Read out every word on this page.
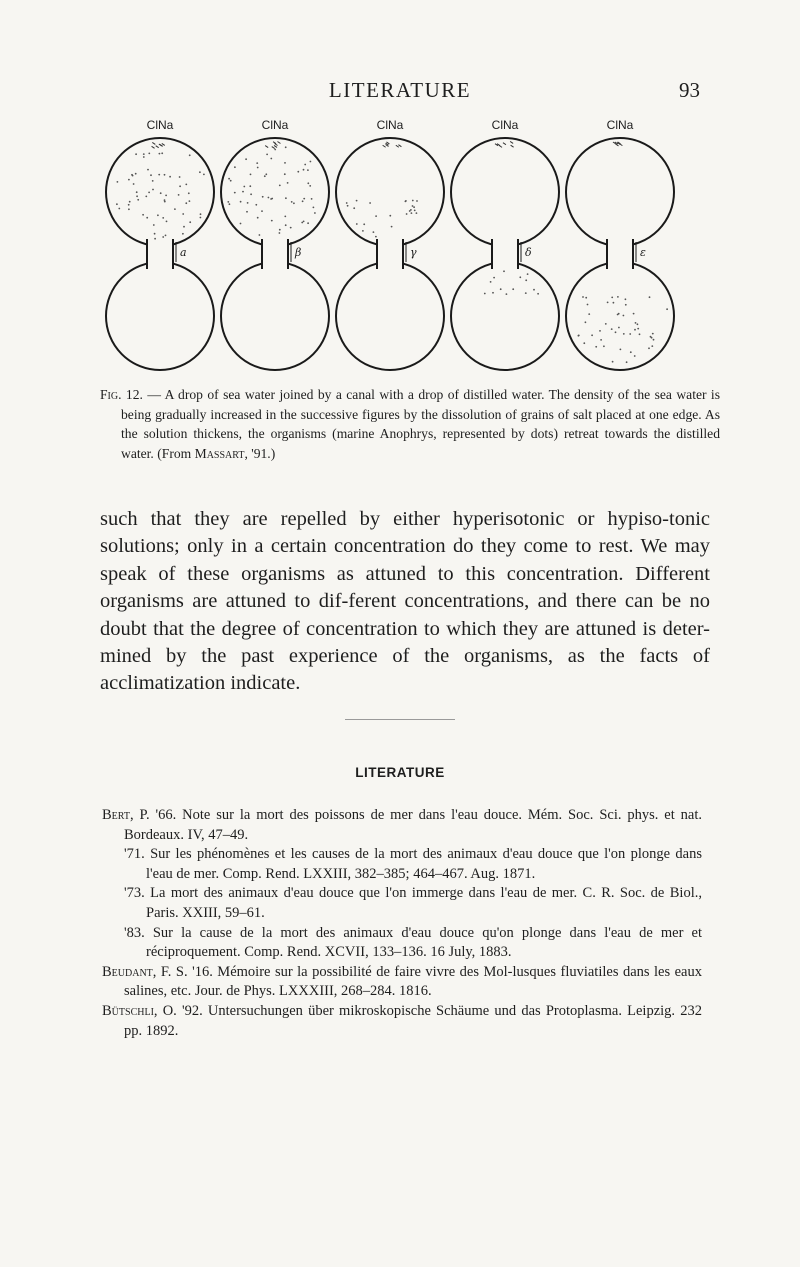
LITERATURE	93
ClNa	ClNa	ClNa	ClNa	ClNa
a	β	γ	δ	ε
Fig. 12. — A drop of sea water joined by a canal with a drop of distilled water. The density of the sea water is being gradually increased in the successive figures by the dissolution of grains of salt placed at one edge. As the solution thickens, the organisms (marine Anophrys, represented by dots) retreat towards the distilled water. (From Massart, '91.)

such that they are repelled by either hyperisotonic or hypiso-tonic solutions; only in a certain concentration do they come to rest. We may speak of these organisms as attuned to this concentration. Different organisms are attuned to dif-ferent concentrations, and there can be no doubt that the degree of concentration to which they are attuned is deter-mined by the past experience of the organisms, as the facts of acclimatization indicate.

LITERATURE

Bert, P. '66. Note sur la mort des poissons de mer dans l'eau douce. Mém. Soc. Sci. phys. et nat. Bordeaux. IV, 47–49.

'71. Sur les phénomènes et les causes de la mort des animaux d'eau douce que l'on plonge dans l'eau de mer. Comp. Rend. LXXIII, 382–385; 464–467. Aug. 1871.

'73. La mort des animaux d'eau douce que l'on immerge dans l'eau de mer. C. R. Soc. de Biol., Paris. XXIII, 59–61.

'83. Sur la cause de la mort des animaux d'eau douce qu'on plonge dans l'eau de mer et réciproquement. Comp. Rend. XCVII, 133–136. 16 July, 1883.

Beudant, F. S. '16. Mémoire sur la possibilité de faire vivre des Mol-lusques fluviatiles dans les eaux salines, etc. Jour. de Phys. LXXXIII, 268–284. 1816.

Bütschli, O. '92. Untersuchungen über mikroskopische Schäume und das Protoplasma. Leipzig. 232 pp. 1892.
